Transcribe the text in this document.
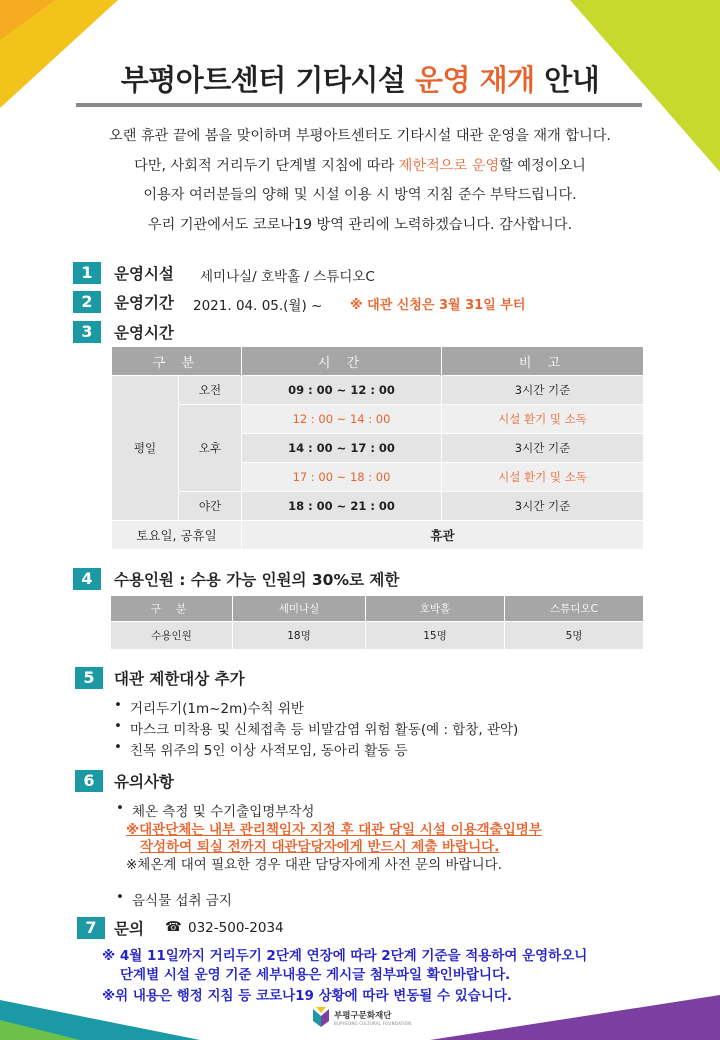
부평아트센터 기타시설 운영 재개 안내
오랜 휴관 끝에 봄을 맞이하며 부평아트센터도 기타시설 대관 운영을 재개 합니다.
다만, 사회적 거리두기 단계별 지침에 따라 제한적으로 운영할 예정이오니
이용자 여러분들의 양해 및 시설 이용 시 방역 지침 준수 부탁드립니다.
우리 기관에서도 코로나19 방역 관리에 노력하겠습니다. 감사합니다.
1	운영시설 세미나실/ 호박홀 / 스튜디오C
2	운영기간 2021. 04. 05.(월) ~ ※ 대관 신청은 3월 31일 부터
3	운영시간
구 분		시 간	비 고
평일	오전	09 : 00 ~ 12 : 00	3시간 기준
	오후	12 : 00 ~ 14 : 00	시설 환기 및 소독
		14 : 00 ~ 17 : 00	3시간 기준
		17 : 00 ~ 18 : 00	시설 환기 및 소독
	야간	18 : 00 ~ 21 : 00	3시간 기준
토요일, 공휴일		휴관	
4	수용인원 : 수용 가능 인원의 30%로 제한
구 분	세미나실	호박홀	스튜디오C
수용인원	18명	15명	5명
5	대관 제한대상 추가
• 거리두기(1m~2m)수칙 위반
• 마스크 미착용 및 신체접촉 등 비말감염 위험 활동(예 : 합창, 관악)
• 친목 위주의 5인 이상 사적모임, 동아리 활동 등
6	유의사항
• 체온 측정 및 수기출입명부작성
※대관단체는 내부 관리책임자 지정 후 대관 당일 시설 이용객출입명부
작성하여 퇴실 전까지 대관담당자에게 반드시 제출 바랍니다.
※체온계 대여 필요한 경우 대관 담당자에게 사전 문의 바랍니다.
• 음식물 섭취 금지
7	문의 ☎ 032-500-2034
※ 4월 11일까지 거리두기 2단계 연장에 따라 2단계 기준을 적용하여 운영하오니
단계별 시설 운영 기준 세부내용은 게시글 첨부파일 확인바랍니다.
※위 내용은 행정 지침 등 코로나19 상황에 따라 변동될 수 있습니다.
부평구문화재단
BUPYEONG CULTURAL FOUNDATION
